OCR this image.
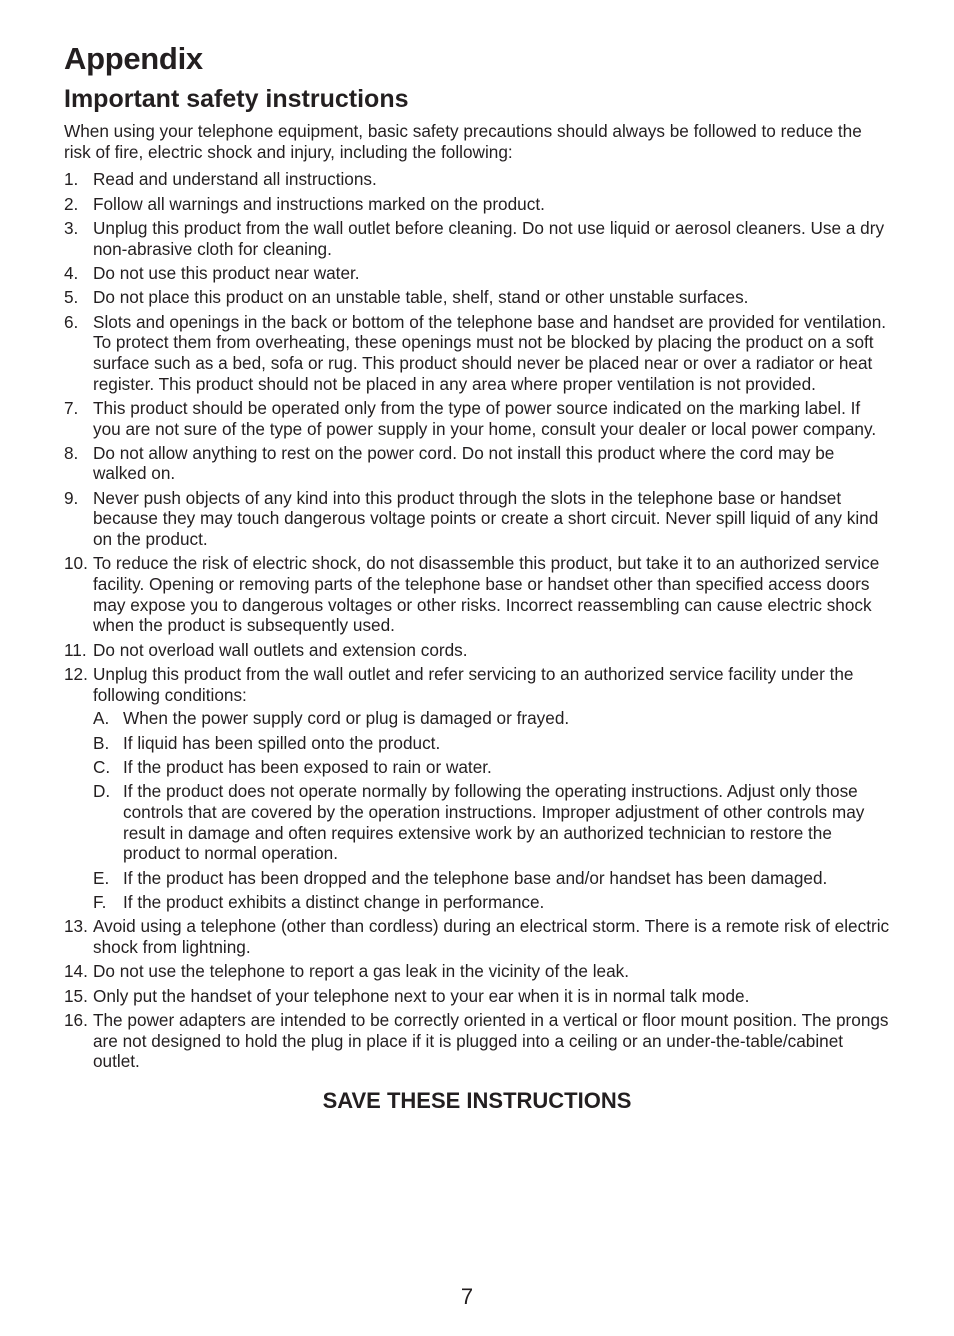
Appendix
Important safety instructions

When using your telephone equipment, basic safety precautions should always be followed to reduce the risk of fire, electric shock and injury, including the following:

1. Read and understand all instructions.
2. Follow all warnings and instructions marked on the product.
3. Unplug this product from the wall outlet before cleaning. Do not use liquid or aerosol cleaners. Use a dry non-abrasive cloth for cleaning.
4. Do not use this product near water.
5. Do not place this product on an unstable table, shelf, stand or other unstable surfaces.
6. Slots and openings in the back or bottom of the telephone base and handset are provided for ventilation. To protect them from overheating, these openings must not be blocked by placing the product on a soft surface such as a bed, sofa or rug. This product should never be placed near or over a radiator or heat register. This product should not be placed in any area where proper ventilation is not provided.
7. This product should be operated only from the type of power source indicated on the marking label. If you are not sure of the type of power supply in your home, consult your dealer or local power company.
8. Do not allow anything to rest on the power cord. Do not install this product where the cord may be walked on.
9. Never push objects of any kind into this product through the slots in the telephone base or handset because they may touch dangerous voltage points or create a short circuit. Never spill liquid of any kind on the product.
10. To reduce the risk of electric shock, do not disassemble this product, but take it to an authorized service facility. Opening or removing parts of the telephone base or handset other than specified access doors may expose you to dangerous voltages or other risks. Incorrect reassembling can cause electric shock when the product is subsequently used.
11. Do not overload wall outlets and extension cords.
12. Unplug this product from the wall outlet and refer servicing to an authorized service facility under the following conditions:
A. When the power supply cord or plug is damaged or frayed.
B. If liquid has been spilled onto the product.
C. If the product has been exposed to rain or water.
D. If the product does not operate normally by following the operating instructions. Adjust only those controls that are covered by the operation instructions. Improper adjustment of other controls may result in damage and often requires extensive work by an authorized technician to restore the product to normal operation.
E. If the product has been dropped and the telephone base and/or handset has been damaged.
F. If the product exhibits a distinct change in performance.
13. Avoid using a telephone (other than cordless) during an electrical storm. There is a remote risk of electric shock from lightning.
14. Do not use the telephone to report a gas leak in the vicinity of the leak.
15. Only put the handset of your telephone next to your ear when it is in normal talk mode.
16. The power adapters are intended to be correctly oriented in a vertical or floor mount position. The prongs are not designed to hold the plug in place if it is plugged into a ceiling or an under-the-table/cabinet outlet.

SAVE THESE INSTRUCTIONS

7
